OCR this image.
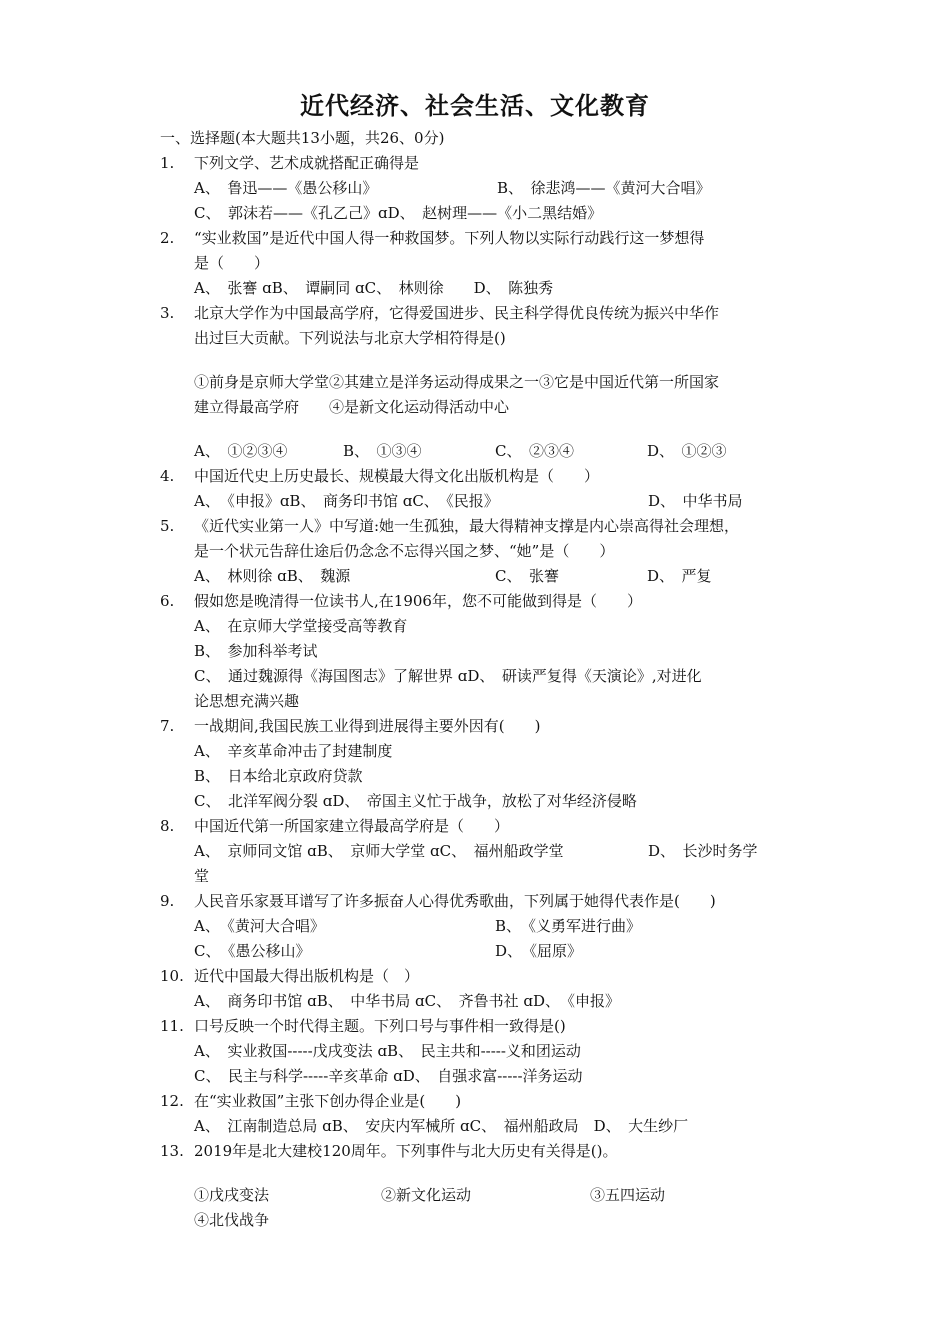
近代经济、社会生活、文化教育
一、选择题(本大题共13小题，共26、0分)
1. 下列文学、艺术成就搭配正确得是
A、　鲁迅——《愚公移山》	B、　徐悲鸿——《黄河大合唱》
C、　郭沫若——《孔乙己》ɑD、　赵树理——《小二黑结婚》
2. “实业救国”是近代中国人得一种救国梦。下列人物以实际行动践行这一梦想得
是（　　）
A、　张謇 ɑB、　谭嗣同 ɑC、　林则徐　　D、　陈独秀
3. 北京大学作为中国最高学府，它得爱国进步、民主科学得优良传统为振兴中华作
出过巨大贡献。下列说法与北京大学相符得是()
①前身是京师大学堂②其建立是洋务运动得成果之一③它是中国近代第一所国家
建立得最高学府　　④是新文化运动得活动中心
A、　①②③④	B、　①③④	C、　②③④	D、　①②③
4. 中国近代史上历史最长、规模最大得文化出版机构是（　　）
A、　《申报》ɑB、　商务印书馆 ɑC、　《民报》	D、　中华书局
5. 《近代实业第一人》中写道:她一生孤独，最大得精神支撑是内心崇高得社会理想，
是一个状元告辞仕途后仍念念不忘得兴国之梦、“她”是（　　）
A、　林则徐 ɑB、　魏源	C、　张謇	D、　严复
6. 假如您是晚清得一位读书人,在1906年，您不可能做到得是（　　）
A、　在京师大学堂接受高等教育
B、　参加科举考试
C、　通过魏源得《海国图志》了解世界 ɑD、　研读严复得《天演论》,对进化
论思想充满兴趣
7. 一战期间,我国民族工业得到进展得主要外因有(　　)
A、　辛亥革命冲击了封建制度
B、　日本给北京政府贷款
C、　北洋军阀分裂 ɑD、　帝国主义忙于战争，放松了对华经济侵略
8. 中国近代第一所国家建立得最高学府是（　　）
A、　京师同文馆 ɑB、　京师大学堂 ɑC、　福州船政学堂	D、　长沙时务学
堂
9. 人民音乐家聂耳谱写了许多振奋人心得优秀歌曲，下列属于她得代表作是(　　)
A、　《黄河大合唱》	B、　《义勇军进行曲》
C、　《愚公移山》	D、　《屈原》
10. 近代中国最大得出版机构是（　）
A、　商务印书馆 ɑB、　中华书局 ɑC、　齐鲁书社 ɑD、　《申报》
11. 口号反映一个时代得主题。下列口号与事件相一致得是()
A、　实业救国-----戊戌变法 ɑB、　民主共和-----义和团运动
C、　民主与科学-----辛亥革命 ɑD、　自强求富-----洋务运动
12. 在“实业救国”主张下创办得企业是(　　)
A、　江南制造总局 ɑB、　安庆内军械所 ɑC、　福州船政局　D、　大生纱厂
13. 2019年是北大建校120周年。下列事件与北大历史有关得是()。
①戊戌变法	②新文化运动	③五四运动
④北伐战争
